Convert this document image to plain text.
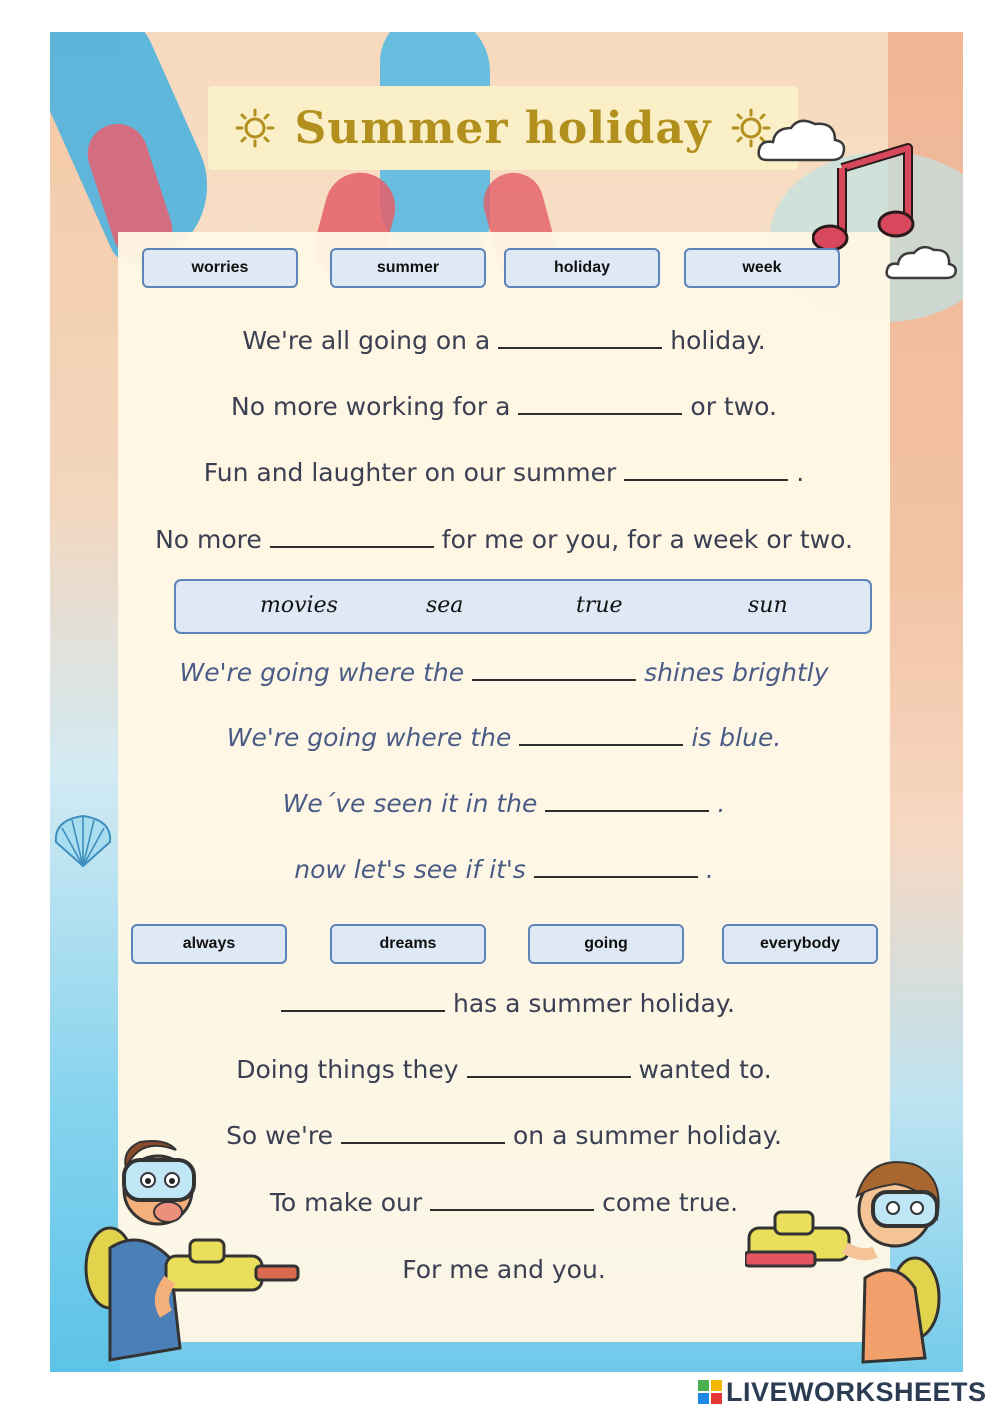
Summer holiday
worries	summer	holiday	week
We're all going on a	holiday.
No more working for a	or two.
Fun and laughter on our summer	.
No more	for me or you, for a week or two.
movies	sea	true	sun
We're going where the	shines brightly
We're going where the	is blue.
We´ve seen it in the	.
now let's see if it's	.
always	dreams	going	everybody
has a summer holiday.
Doing things they	wanted to.
So we're	on a summer holiday.
To make our	come true.
For me and you.
LIVEWORKSHEETS
